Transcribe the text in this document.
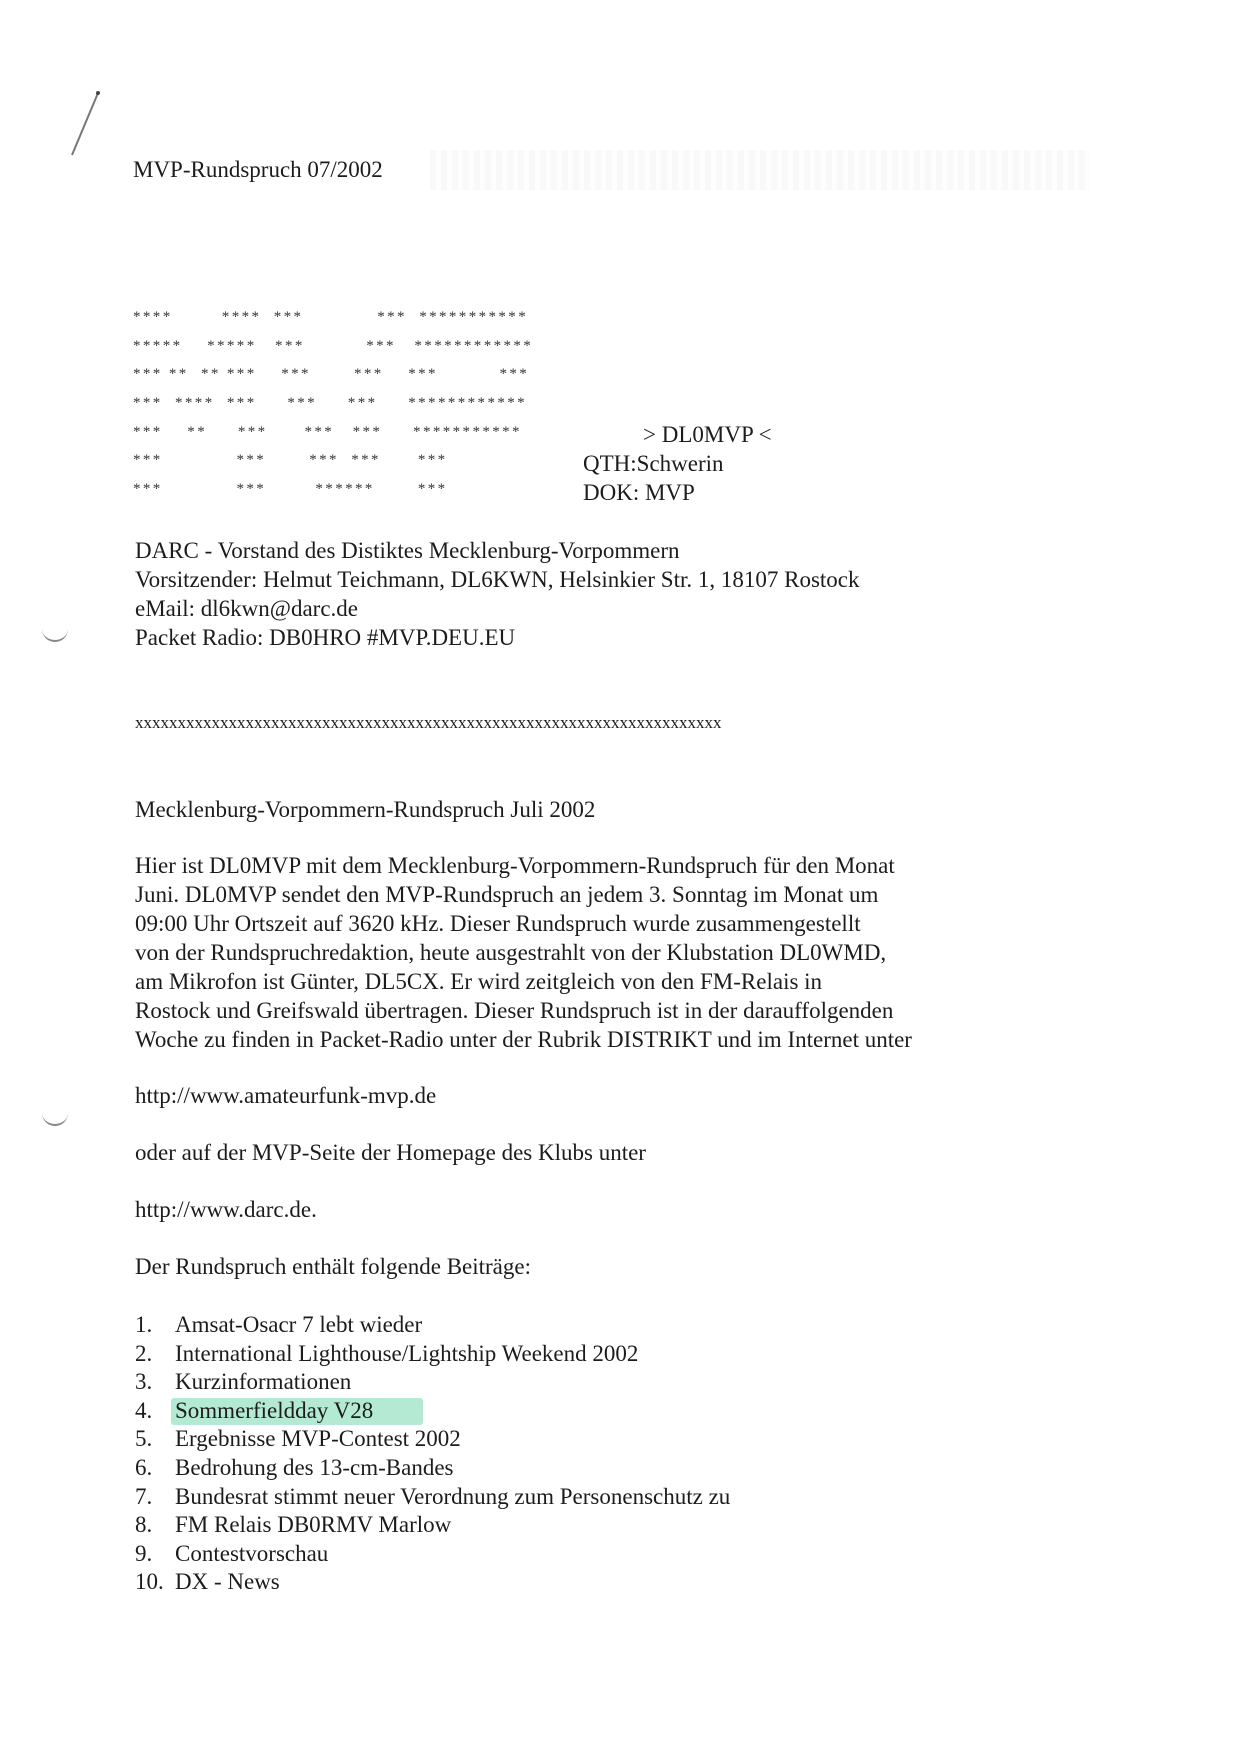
MVP-Rundspruch 07/2002
****        ****  ***            ***  ***********
*****    *****   ***          ***   ************
*** **  ** ***    ***       ***    ***          ***
***  ****  ***     ***     ***     ************
***    **     ***      ***   ***     ***********
***            ***       ***  ***      ***
***            ***        ******       ***
> DL0MVP <
QTH:Schwerin
DOK: MVP
DARC - Vorstand des Distiktes Mecklenburg-Vorpommern
Vorsitzender: Helmut Teichmann, DL6KWN, Helsinkier Str. 1, 18107 Rostock
eMail: dl6kwn@darc.de
Packet Radio: DB0HRO #MVP.DEU.EU
xxxxxxxxxxxxxxxxxxxxxxxxxxxxxxxxxxxxxxxxxxxxxxxxxxxxxxxxxxxxxxxxxxxxx
Mecklenburg-Vorpommern-Rundspruch Juli 2002
Hier ist DL0MVP mit dem Mecklenburg-Vorpommern-Rundspruch für den Monat
Juni. DL0MVP sendet den MVP-Rundspruch an jedem 3. Sonntag im Monat um
09:00 Uhr Ortszeit auf 3620 kHz. Dieser Rundspruch wurde zusammengestellt
von der Rundspruchredaktion, heute ausgestrahlt von der Klubstation DL0WMD,
am Mikrofon ist Günter, DL5CX. Er wird zeitgleich von den FM-Relais in
Rostock und Greifswald übertragen. Dieser Rundspruch ist in der darauffolgenden
Woche zu finden in Packet-Radio unter der Rubrik DISTRIKT und im Internet unter
http://www.amateurfunk-mvp.de
oder auf der MVP-Seite der Homepage des Klubs unter
http://www.darc.de.
Der Rundspruch enthält folgende Beiträge:
1. Amsat-Osacr 7 lebt wieder
2. International Lighthouse/Lightship Weekend 2002
3. Kurzinformationen
4. Sommerfieldday V28
5. Ergebnisse MVP-Contest 2002
6. Bedrohung des 13-cm-Bandes
7. Bundesrat stimmt neuer Verordnung zum Personenschutz zu
8. FM Relais DB0RMV Marlow
9. Contestvorschau
10. DX - News
